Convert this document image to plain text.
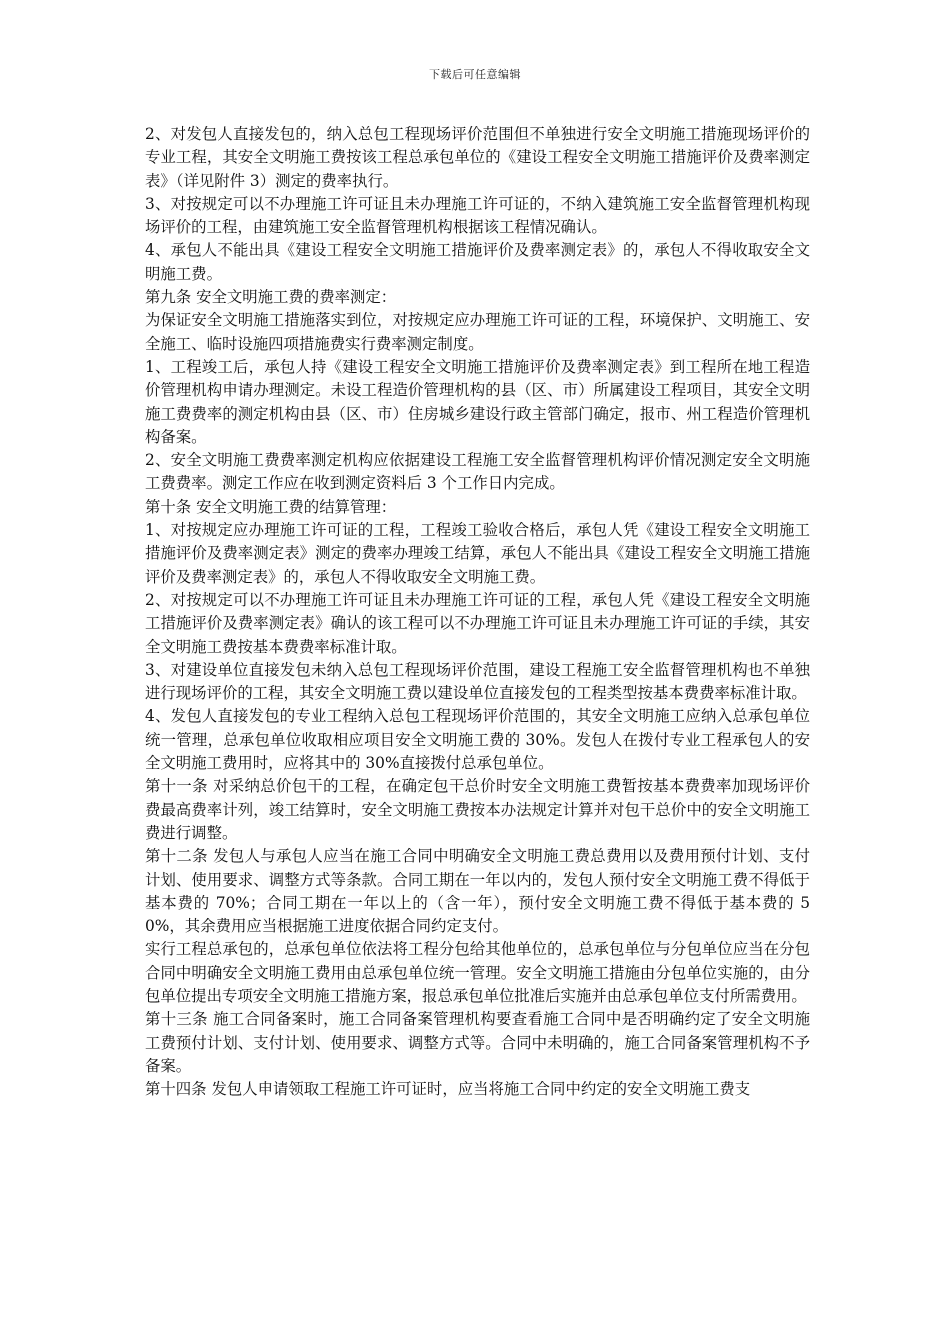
下载后可任意编辑

2、对发包人直接发包的，纳入总包工程现场评价范围但不单独进行安全文明施工措施现场评价的专业工程，其安全文明施工费按该工程总承包单位的《建设工程安全文明施工措施评价及费率测定表》（详见附件 3）测定的费率执行。

3、对按规定可以不办理施工许可证且未办理施工许可证的，不纳入建筑施工安全监督管理机构现场评价的工程，由建筑施工安全监督管理机构根据该工程情况确认。

4、承包人不能出具《建设工程安全文明施工措施评价及费率测定表》的，承包人不得收取安全文明施工费。

第九条 安全文明施工费的费率测定：

为保证安全文明施工措施落实到位，对按规定应办理施工许可证的工程，环境保护、文明施工、安全施工、临时设施四项措施费实行费率测定制度。

1、工程竣工后，承包人持《建设工程安全文明施工措施评价及费率测定表》到工程所在地工程造价管理机构申请办理测定。未设工程造价管理机构的县（区、市）所属建设工程项目，其安全文明施工费费率的测定机构由县（区、市）住房城乡建设行政主管部门确定，报市、州工程造价管理机构备案。

2、安全文明施工费费率测定机构应依据建设工程施工安全监督管理机构评价情况测定安全文明施工费费率。测定工作应在收到测定资料后 3 个工作日内完成。

第十条 安全文明施工费的结算管理：

1、对按规定应办理施工许可证的工程，工程竣工验收合格后，承包人凭《建设工程安全文明施工措施评价及费率测定表》测定的费率办理竣工结算，承包人不能出具《建设工程安全文明施工措施评价及费率测定表》的，承包人不得收取安全文明施工费。

2、对按规定可以不办理施工许可证且未办理施工许可证的工程，承包人凭《建设工程安全文明施工措施评价及费率测定表》确认的该工程可以不办理施工许可证且未办理施工许可证的手续，其安全文明施工费按基本费费率标准计取。

3、对建设单位直接发包未纳入总包工程现场评价范围，建设工程施工安全监督管理机构也不单独进行现场评价的工程，其安全文明施工费以建设单位直接发包的工程类型按基本费费率标准计取。

4、发包人直接发包的专业工程纳入总包工程现场评价范围的，其安全文明施工应纳入总承包单位统一管理，总承包单位收取相应项目安全文明施工费的 30%。发包人在拨付专业工程承包人的安全文明施工费用时，应将其中的 30%直接拨付总承包单位。

第十一条 对采纳总价包干的工程，在确定包干总价时安全文明施工费暂按基本费费率加现场评价费最高费率计列，竣工结算时，安全文明施工费按本办法规定计算并对包干总价中的安全文明施工费进行调整。

第十二条 发包人与承包人应当在施工合同中明确安全文明施工费总费用以及费用预付计划、支付计划、使用要求、调整方式等条款。合同工期在一年以内的，发包人预付安全文明施工费不得低于基本费的 70%；合同工期在一年以上的（含一年），预付安全文明施工费不得低于基本费的 50%，其余费用应当根据施工进度依据合同约定支付。

实行工程总承包的，总承包单位依法将工程分包给其他单位的，总承包单位与分包单位应当在分包合同中明确安全文明施工费用由总承包单位统一管理。安全文明施工措施由分包单位实施的，由分包单位提出专项安全文明施工措施方案，报总承包单位批准后实施并由总承包单位支付所需费用。

第十三条 施工合同备案时，施工合同备案管理机构要查看施工合同中是否明确约定了安全文明施工费预付计划、支付计划、使用要求、调整方式等。合同中未明确的，施工合同备案管理机构不予备案。

第十四条 发包人申请领取工程施工许可证时，应当将施工合同中约定的安全文明施工费支
